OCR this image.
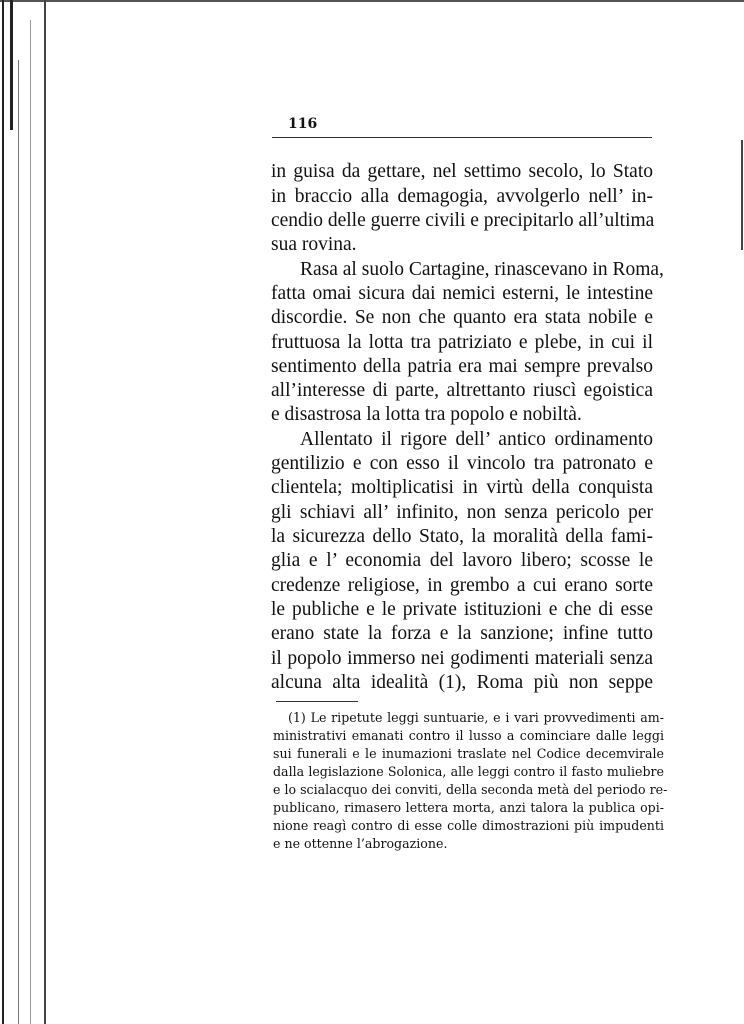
116
in guisa da gettare, nel settimo secolo, lo Stato
in braccio alla demagogia, avvolgerlo nell’ in-
cendio delle guerre civili e precipitarlo all’ultima
sua rovina.
Rasa al suolo Cartagine, rinascevano in Roma,
fatta omai sicura dai nemici esterni, le intestine
discordie. Se non che quanto era stata nobile e
fruttuosa la lotta tra patriziato e plebe, in cui il
sentimento della patria era mai sempre prevalso
all’interesse di parte, altrettanto riuscì egoistica
e disastrosa la lotta tra popolo e nobiltà.
Allentato il rigore dell’ antico ordinamento
gentilizio e con esso il vincolo tra patronato e
clientela; moltiplicatisi in virtù della conquista
gli schiavi all’ infinito, non senza pericolo per
la sicurezza dello Stato, la moralità della fami-
glia e l’ economia del lavoro libero; scosse le
credenze religiose, in grembo a cui erano sorte
le publiche e le private istituzioni e che di esse
erano state la forza e la sanzione; infine tutto
il popolo immerso nei godimenti materiali senza
alcuna alta idealità (1), Roma più non seppe
(1) Le ripetute leggi suntuarie, e i vari provvedimenti am-
ministrativi emanati contro il lusso a cominciare dalle leggi
sui funerali e le inumazioni traslate nel Codice decemvirale
dalla legislazione Solonica, alle leggi contro il fasto muliebre
e lo scialacquo dei conviti, della seconda metà del periodo re-
publicano, rimasero lettera morta, anzi talora la publica opi-
nione reagì contro di esse colle dimostrazioni più impudenti
e ne ottenne l’abrogazione.
